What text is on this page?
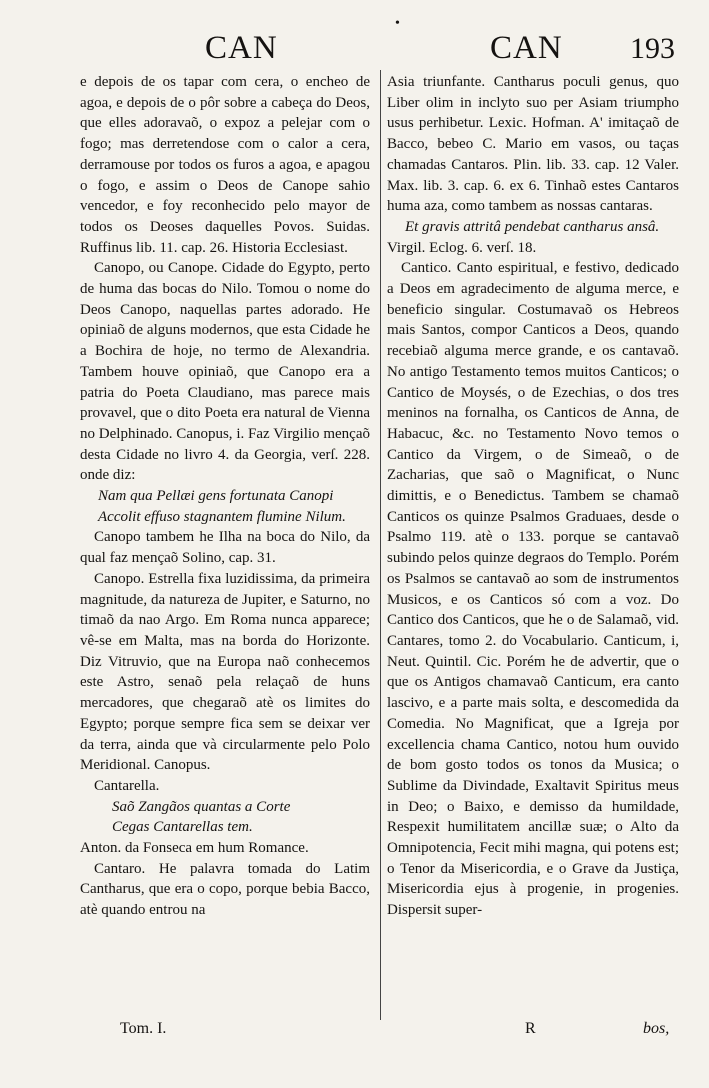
•
CAN	CAN 193

e depois de os tapar com cera, o encheo de agoa, e depois de o pôr sobre a cabeça do Deos, que elles adoravaõ, o expoz a pelejar com o fogo; mas derretendose com o calor a cera, derramouse por todos os furos a agoa, e apagou o fogo, e assim o Deos de Canope sahio vencedor, e foy reconhecido pelo mayor de todos os Deoses daquelles Povos. Suidas. Ruffinus lib. 11. cap. 26. Historia Ecclesiast.

Canopo, ou Canope. Cidade do Egypto, perto de huma das bocas do Nilo. Tomou o nome do Deos Canopo, naquellas partes adorado. He opiniaõ de alguns modernos, que esta Cidade he a Bochira de hoje, no termo de Alexandria. Tambem houve opiniaõ, que Canopo era a patria do Poeta Claudiano, mas parece mais provavel, que o dito Poeta era natural de Vienna no Delphinado. Canopus, i. Faz Virgilio mençaõ desta Cidade no livro 4. da Georgia, verſ. 228. onde diz:

Nam qua Pellæi gens fortunata Canopi

Accolit effuso stagnantem flumine Nilum.

Canopo tambem he Ilha na boca do Nilo, da qual faz mençaõ Solino, cap. 31.

Canopo. Estrella fixa luzidissima, da primeira magnitude, da natureza de Jupiter, e Saturno, no timaõ da nao Argo. Em Roma nunca apparece; vê-se em Malta, mas na borda do Horizonte. Diz Vitruvio, que na Europa naõ conhecemos este Astro, senaõ pela relaçaõ de huns mercadores, que chegaraõ atè os limites do Egypto; porque sempre fica sem se deixar ver da terra, ainda que và circularmente pelo Polo Meridional. Canopus.

Cantarella.

Saõ Zangãos quantas a Corte

Cegas Cantarellas tem.

Anton. da Fonseca em hum Romance.

Cantaro. He palavra tomada do Latim Cantharus, que era o copo, porque bebia Bacco, atè quando entrou na

Asia triunfante. Cantharus poculi genus, quo Liber olim in inclyto suo per Asiam triumpho usus perhibetur. Lexic. Hofman. A' imitaçaõ de Bacco, bebeo C. Mario em vasos, ou taças chamadas Cantaros. Plin. lib. 33. cap. 12 Valer. Max. lib. 3. cap. 6. ex 6. Tinhaõ estes Cantaros huma aza, como tambem as nossas cantaras.

Et gravis attritâ pendebat cantharus ansâ.

Virgil. Eclog. 6. verſ. 18.

Cantico. Canto espiritual, e festivo, dedicado a Deos em agradecimento de alguma merce, e beneficio singular. Costumavaõ os Hebreos mais Santos, compor Canticos a Deos, quando recebiaõ alguma merce grande, e os cantavaõ. No antigo Testamento temos muitos Canticos; o Cantico de Moysés, o de Ezechias, o dos tres meninos na fornalha, os Canticos de Anna, de Habacuc, &c. no Testamento Novo temos o Cantico da Virgem, o de Simeaõ, o de Zacharias, que saõ o Magnificat, o Nunc dimittis, e o Benedictus. Tambem se chamaõ Canticos os quinze Psalmos Graduaes, desde o Psalmo 119. atè o 133. porque se cantavaõ subindo pelos quinze degraos do Templo. Porém os Psalmos se cantavaõ ao som de instrumentos Musicos, e os Canticos só com a voz. Do Cantico dos Canticos, que he o de Salamaõ, vid. Cantares, tomo 2. do Vocabulario. Canticum, i, Neut. Quintil. Cic. Porém he de advertir, que o que os Antigos chamavaõ Canticum, era canto lascivo, e a parte mais solta, e descomedida da Comedia. No Magnificat, que a Igreja por excellencia chama Cantico, notou hum ouvido de bom gosto todos os tonos da Musica; o Sublime da Divindade, Exaltavit Spiritus meus in Deo; o Baixo, e demisso da humildade, Respexit humilitatem ancillæ suæ; o Alto da Omnipotencia, Fecit mihi magna, qui potens est; o Tenor da Misericordia, e o Grave da Justiça, Misericordia ejus à progenie, in progenies. Dispersit super-

Tom. I.	R	bos,
